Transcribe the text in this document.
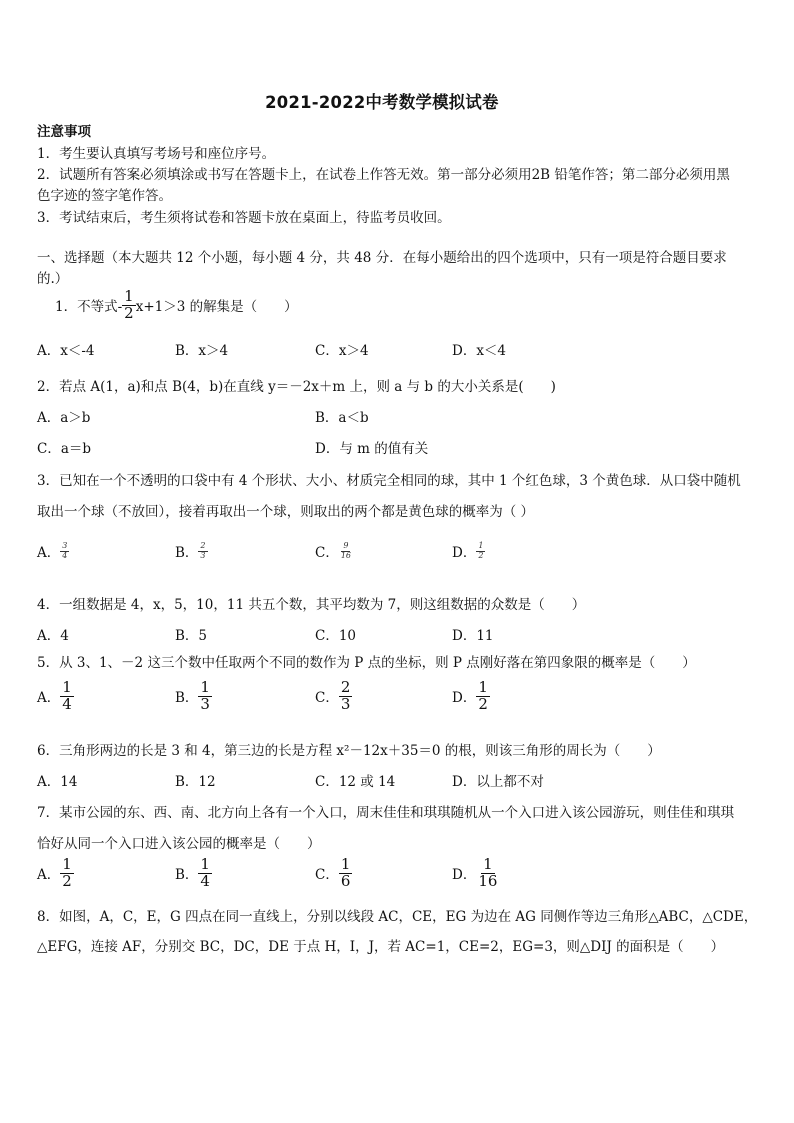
2021-2022中考数学模拟试卷
注意事项
1．考生要认真填写考场号和座位序号。
2．试题所有答案必须填涂或书写在答题卡上，在试卷上作答无效。第一部分必须用2B 铅笔作答；第二部分必须用黑
色字迹的签字笔作答。
3．考试结束后，考生须将试卷和答题卡放在桌面上，待监考员收回。
一、选择题（本大题共 12 个小题，每小题 4 分，共 48 分．在每小题给出的四个选项中，只有一项是符合题目要求
的.）
1．不等式- $\frac{1}{2} x+1>3$ 的解集是（　　）
A．x＜-4	B．x＞4	C．x＞4	D．x＜4
2．若点 A(1，a)和点 B(4，b)在直线 y＝－2x＋m 上，则 a 与 b 的大小关系是(　　)
A．a＞b	B．a＜b
C．a＝b	D．与 m 的值有关
3．已知在一个不透明的口袋中有 4 个形状、大小、材质完全相同的球，其中 1 个红色球，3 个黄色球．从口袋中随机
取出一个球（不放回），接着再取出一个球，则取出的两个都是黄色球的概率为（ ）
A． $\frac{3}{4}$	B． $\frac{2}{3}$	C． $\frac{9}{16}$	D． $\frac{1}{2}$
4．一组数据是 4，x，5，10，11 共五个数，其平均数为 7，则这组数据的众数是（　　）
A．4	B．5	C．10	D．11
5．从 3、1、－2 这三个数中任取两个不同的数作为 P 点的坐标，则 P 点刚好落在第四象限的概率是（　　）
A． $\frac{1}{4}$	B． $\frac{1}{3}$	C． $\frac{2}{3}$	D． $\frac{1}{2}$
6．三角形两边的长是 3 和 4，第三边的长是方程 x²－12x＋35＝0 的根，则该三角形的周长为（　　）
A．14	B．12	C．12 或 14	D．以上都不对
7．某市公园的东、西、南、北方向上各有一个入口，周末佳佳和琪琪随机从一个入口进入该公园游玩，则佳佳和琪琪
恰好从同一个入口进入该公园的概率是（　　）
A． $\frac{1}{2}$	B． $\frac{1}{4}$	C． $\frac{1}{6}$	D． $\frac{1}{16}$
8．如图，A，C，E，G 四点在同一直线上，分别以线段 AC，CE，EG 为边在 AG 同侧作等边三角形△ABC，△CDE，
△EFG，连接 AF，分别交 BC，DC，DE 于点 H，I，J，若 AC=1，CE=2，EG=3，则△DIJ 的面积是（　　）
